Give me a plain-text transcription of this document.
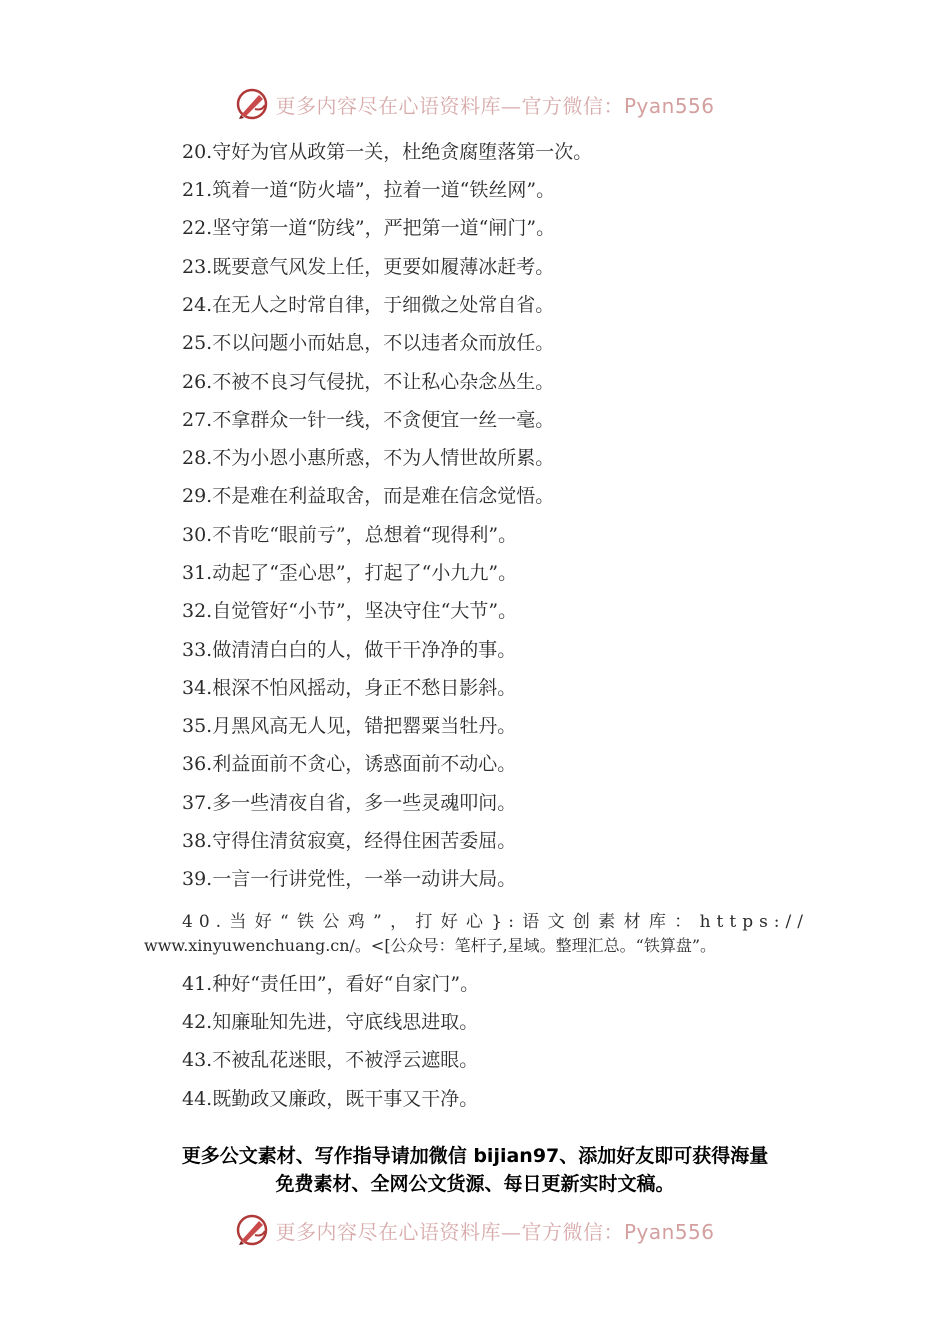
更多内容尽在心语资料库—官方微信：Pyan556
20.守好为官从政第一关，杜绝贪腐堕落第一次。
21.筑着一道“防火墙”，拉着一道“铁丝网”。
22.坚守第一道“防线”，严把第一道“闸门”。
23.既要意气风发上任，更要如履薄冰赶考。
24.在无人之时常自律，于细微之处常自省。
25.不以问题小而姑息，不以违者众而放任。
26.不被不良习气侵扰，不让私心杂念丛生。
27.不拿群众一针一线，不贪便宜一丝一毫。
28.不为小恩小惠所惑，不为人情世故所累。
29.不是难在利益取舍，而是难在信念觉悟。
30.不肯吃“眼前亏”，总想着“现得利”。
31.动起了“歪心思”，打起了“小九九”。
32.自觉管好“小节”，坚决守住“大节”。
33.做清清白白的人，做干干净净的事。
34.根深不怕风摇动，身正不愁日影斜。
35.月黑风高无人见，错把罂粟当牡丹。
36.利益面前不贪心，诱惑面前不动心。
37.多一些清夜自省，多一些灵魂叩问。
38.守得住清贫寂寞，经得住困苦委屈。
39.一言一行讲党性，一举一动讲大局。
40.当好“铁公鸡”，打好心}:语文创素材库：https://
www.xinyuwenchuang.cn/。<[公众号：笔杆子,星域。整理汇总。“铁算盘”。
41.种好“责任田”，看好“自家门”。
42.知廉耻知先进，守底线思进取。
43.不被乱花迷眼，不被浮云遮眼。
44.既勤政又廉政，既干事又干净。
更多公文素材、写作指导请加微信 bijian97、添加好友即可获得海量
免费素材、全网公文货源、每日更新实时文稿。
更多内容尽在心语资料库—官方微信：Pyan556
